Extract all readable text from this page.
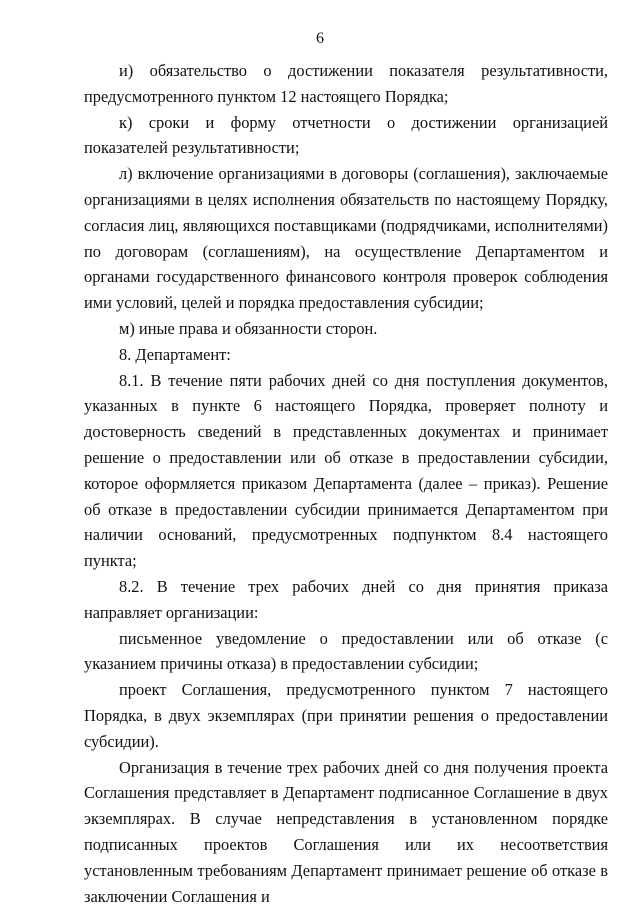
6

и) обязательство о достижении показателя результативности, предусмотренного пунктом 12 настоящего Порядка;

к) сроки и форму отчетности о достижении организацией показателей результативности;

л) включение организациями в договоры (соглашения), заключаемые организациями в целях исполнения обязательств по настоящему Порядку, согласия лиц, являющихся поставщиками (подрядчиками, исполнителями) по договорам (соглашениям), на осуществление Департаментом и органами государственного финансового контроля проверок соблюдения ими условий, целей и порядка предоставления субсидии;

м) иные права и обязанности сторон.

8. Департамент:

8.1. В течение пяти рабочих дней со дня поступления документов, указанных в пункте 6 настоящего Порядка, проверяет полноту и достоверность сведений в представленных документах и принимает решение о предоставлении или об отказе в предоставлении субсидии, которое оформляется приказом Департамента (далее – приказ). Решение об отказе в предоставлении субсидии принимается Департаментом при наличии оснований, предусмотренных подпунктом 8.4 настоящего пункта;

8.2. В течение трех рабочих дней со дня принятия приказа направляет организации:

письменное уведомление о предоставлении или об отказе (с указанием причины отказа) в предоставлении субсидии;

проект Соглашения, предусмотренного пунктом 7 настоящего Порядка, в двух экземплярах (при принятии решения о предоставлении субсидии).

Организация в течение трех рабочих дней со дня получения проекта Соглашения представляет в Департамент подписанное Соглашение в двух экземплярах. В случае непредставления в установленном порядке подписанных проектов Соглашения или их несоответствия установленным требованиям Департамент принимает решение об отказе в заключении Соглашения и
